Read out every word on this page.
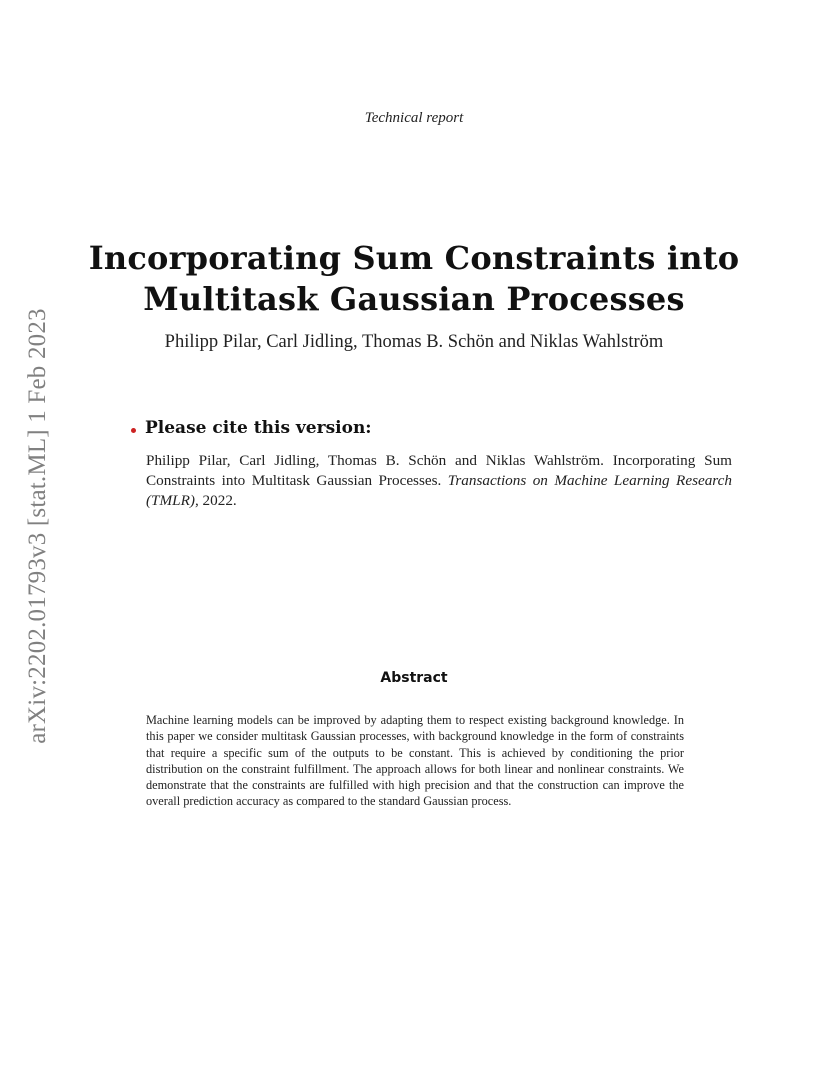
arXiv:2202.01793v3 [stat.ML] 1 Feb 2023
Technical report
Incorporating Sum Constraints into
Multitask Gaussian Processes
Philipp Pilar, Carl Jidling, Thomas B. Schön and Niklas Wahlström
Please cite this version:
Philipp Pilar, Carl Jidling, Thomas B. Schön and Niklas Wahlström. Incorporating Sum Constraints into Multitask Gaussian Processes. Transactions on Machine Learning Research (TMLR), 2022.
Abstract
Machine learning models can be improved by adapting them to respect existing background knowledge. In this paper we consider multitask Gaussian processes, with background knowledge in the form of constraints that require a specific sum of the outputs to be constant. This is achieved by conditioning the prior distribution on the constraint fulfillment. The approach allows for both linear and nonlinear constraints. We demonstrate that the constraints are fulfilled with high precision and that the construction can improve the overall prediction accuracy as compared to the standard Gaussian process.
